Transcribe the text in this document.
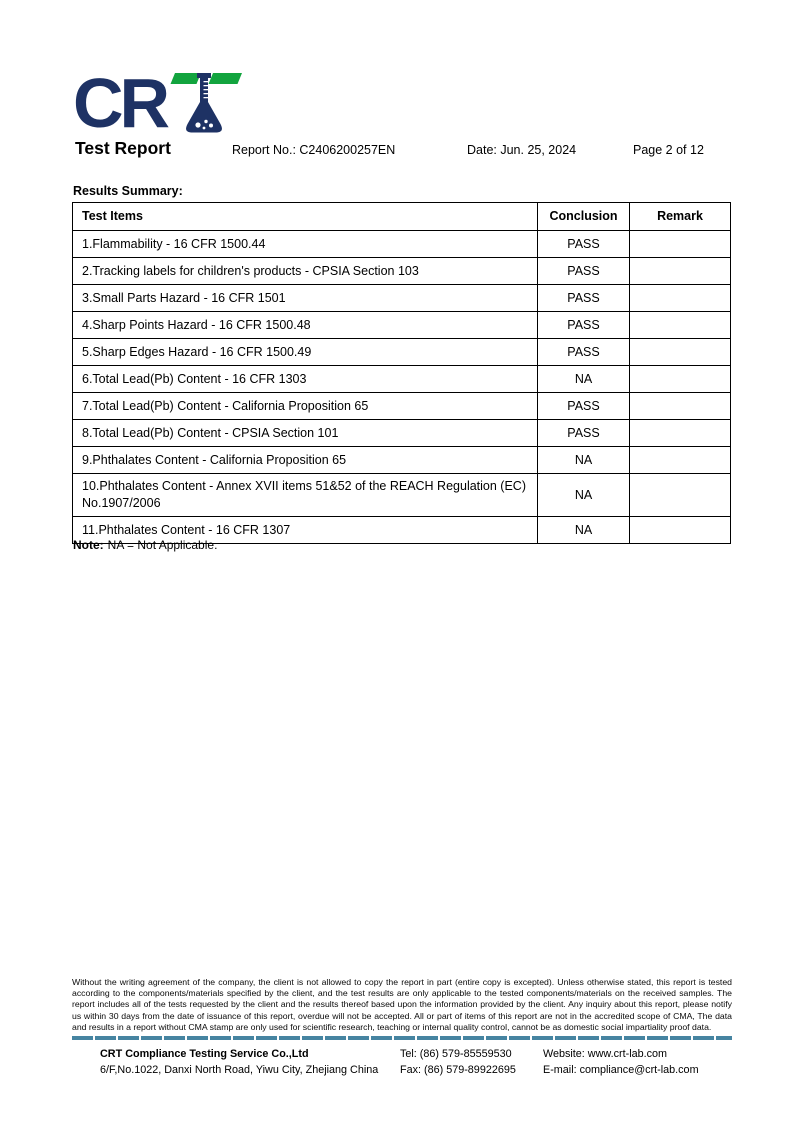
CR
Test Report	Report No.: C2406200257EN	Date: Jun. 25, 2024	Page 2 of 12
Results Summary:
Test Items	Conclusion	Remark
1.Flammability - 16 CFR 1500.44	PASS	
2.Tracking labels for children's products - CPSIA Section 103	PASS	
3.Small Parts Hazard - 16 CFR 1501	PASS	
4.Sharp Points Hazard - 16 CFR 1500.48	PASS	
5.Sharp Edges Hazard - 16 CFR 1500.49	PASS	
6.Total Lead(Pb) Content - 16 CFR 1303	NA	
7.Total Lead(Pb) Content - California Proposition 65	PASS	
8.Total Lead(Pb) Content - CPSIA Section 101	PASS	
9.Phthalates Content - California Proposition 65	NA	
10.Phthalates Content - Annex XVII items 51&52 of the REACH Regulation (EC) No.1907/2006	NA	
11.Phthalates Content - 16 CFR 1307	NA	
Note: NA = Not Applicable.
Without the writing agreement of the company, the client is not allowed to copy the report in part (entire copy is excepted). Unless otherwise stated, this report is tested according to the components/materials specified by the client, and the test results are only applicable to the tested components/materials on the received samples. The report includes all of the tests requested by the client and the results thereof based upon the information provided by the client. Any inquiry about this report, please notify us within 30 days from the date of issuance of this report, overdue will not be accepted. All or part of items of this report are not in the accredited scope of CMA, The data and results in a report without CMA stamp are only used for scientific research, teaching or internal quality control, cannot be as domestic social impartiality proof data.
CRT Compliance Testing Service Co.,Ltd
6/F,No.1022, Danxi North Road, Yiwu City, Zhejiang China
Tel: (86) 579-85559530
Fax: (86) 579-89922695
Website: www.crt-lab.com
E-mail: compliance@crt-lab.com
